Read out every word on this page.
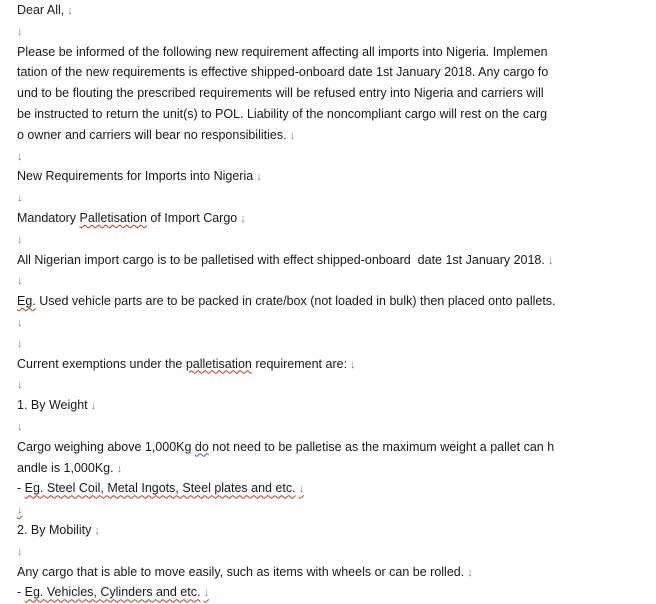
Dear All, ↓
↓
Please be informed of the following new requirement affecting all imports into Nigeria. Implemen
tation of the new requirements is effective shipped-onboard date 1st January 2018. Any cargo fo
und to be flouting the prescribed requirements will be refused entry into Nigeria and carriers will
be instructed to return the unit(s) to POL. Liability of the noncompliant cargo will rest on the carg
o owner and carriers will bear no responsibilities. ↓
↓
New Requirements for Imports into Nigeria ↓
↓
Mandatory Palletisation of Import Cargo ↓
↓
All Nigerian import cargo is to be palletised with effect shipped-onboard  date 1st January 2018. ↓
↓
Eg. Used vehicle parts are to be packed in crate/box (not loaded in bulk) then placed onto pallets.
↓
↓
Current exemptions under the palletisation requirement are: ↓
↓
1. By Weight ↓
↓
Cargo weighing above 1,000Kg do not need to be palletise as the maximum weight a pallet can h
andle is 1,000Kg. ↓
- Eg. Steel Coil, Metal Ingots, Steel plates and etc. ↓
↓
2. By Mobility ↓
↓
Any cargo that is able to move easily, such as items with wheels or can be rolled. ↓
- Eg. Vehicles, Cylinders and etc. ↓
